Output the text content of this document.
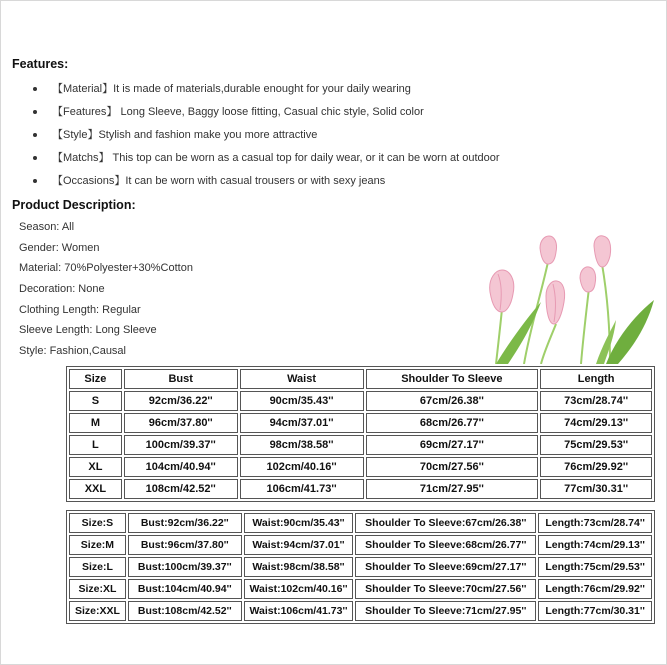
Features:
【Material】It is made of materials,durable enought for your daily wearing
【Features】 Long Sleeve, Baggy loose fitting, Casual chic style, Solid color
【Style】Stylish and fashion make you more attractive
【Matchs】 This top can be worn as a casual top for daily wear, or it can be worn at outdoor
【Occasions】It can be worn with casual trousers or with sexy jeans
Product Description:
Season: All
Gender: Women
Material: 70%Polyester+30%Cotton
Decoration: None
Clothing Length: Regular
Sleeve Length: Long Sleeve
Style: Fashion,Causal
Size	Bust	Waist	Shoulder To Sleeve	Length
S	92cm/36.22''	90cm/35.43''	67cm/26.38''	73cm/28.74''
M	96cm/37.80''	94cm/37.01''	68cm/26.77''	74cm/29.13''
L	100cm/39.37''	98cm/38.58''	69cm/27.17''	75cm/29.53''
XL	104cm/40.94''	102cm/40.16''	70cm/27.56''	76cm/29.92''
XXL	108cm/42.52''	106cm/41.73''	71cm/27.95''	77cm/30.31''
Size:S	Bust:92cm/36.22''	Waist:90cm/35.43''	Shoulder To Sleeve:67cm/26.38''	Length:73cm/28.74''
Size:M	Bust:96cm/37.80''	Waist:94cm/37.01''	Shoulder To Sleeve:68cm/26.77''	Length:74cm/29.13''
Size:L	Bust:100cm/39.37''	Waist:98cm/38.58''	Shoulder To Sleeve:69cm/27.17''	Length:75cm/29.53''
Size:XL	Bust:104cm/40.94''	Waist:102cm/40.16''	Shoulder To Sleeve:70cm/27.56''	Length:76cm/29.92''
Size:XXL	Bust:108cm/42.52''	Waist:106cm/41.73''	Shoulder To Sleeve:71cm/27.95''	Length:77cm/30.31''
